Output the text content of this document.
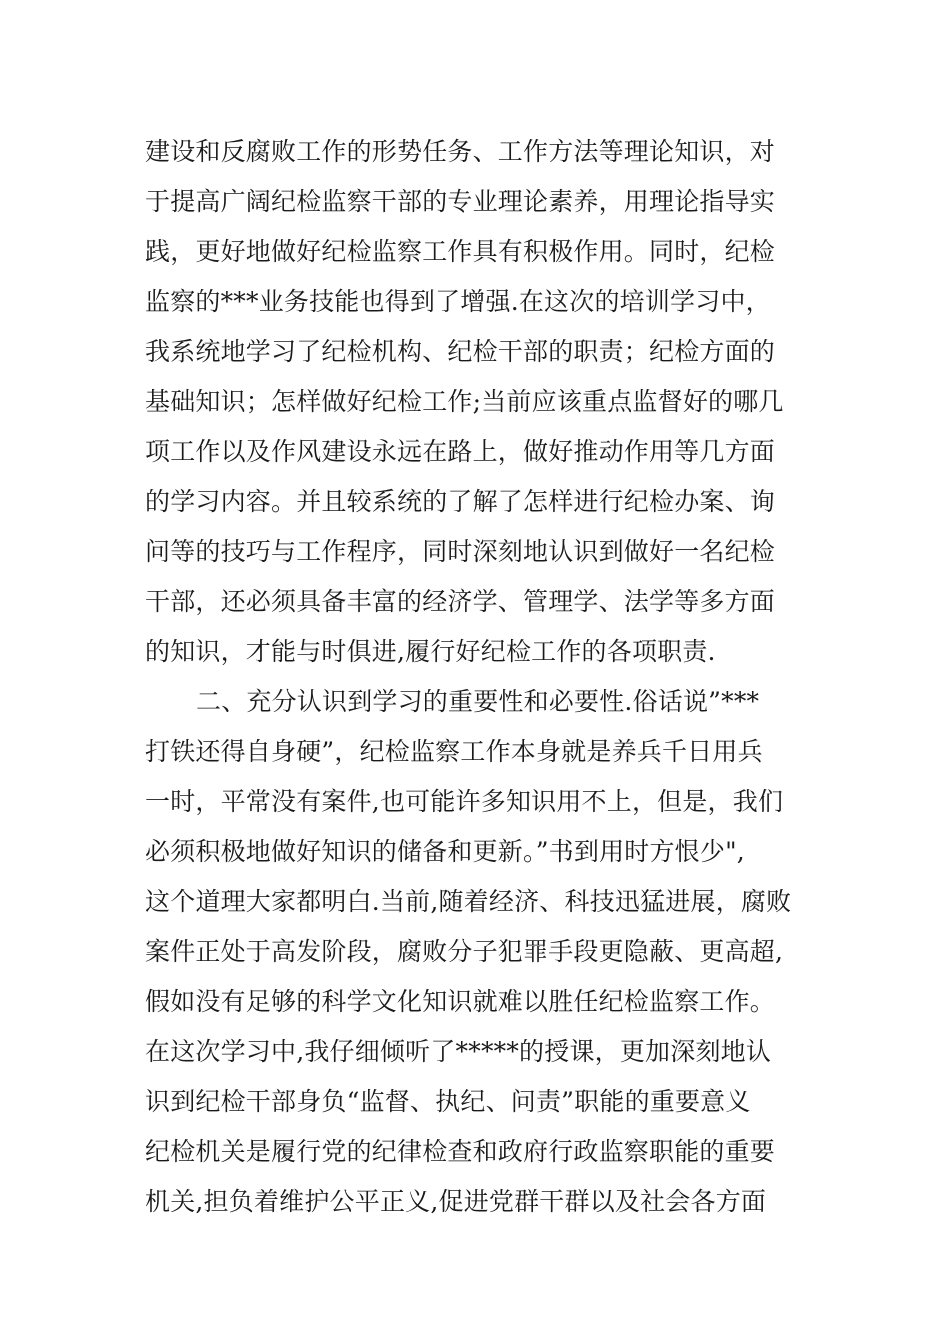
建设和反腐败工作的形势任务、工作方法等理论知识，对
于提高广阔纪检监察干部的专业理论素养，用理论指导实
践，更好地做好纪检监察工作具有积极作用。同时，纪检
监察的***业务技能也得到了增强.在这次的培训学习中，
我系统地学习了纪检机构、纪检干部的职责；纪检方面的
基础知识；怎样做好纪检工作;当前应该重点监督好的哪几
项工作以及作风建设永远在路上，做好推动作用等几方面
的学习内容。并且较系统的了解了怎样进行纪检办案、询
问等的技巧与工作程序，同时深刻地认识到做好一名纪检
干部，还必须具备丰富的经济学、管理学、法学等多方面
的知识，才能与时俱进,履行好纪检工作的各项职责.
二、充分认识到学习的重要性和必要性.俗话说”***
打铁还得自身硬”，纪检监察工作本身就是养兵千日用兵
一时，平常没有案件,也可能许多知识用不上，但是，我们
必须积极地做好知识的储备和更新。”书到用时方恨少",
这个道理大家都明白.当前,随着经济、科技迅猛进展，腐败
案件正处于高发阶段，腐败分子犯罪手段更隐蔽、更高超,
假如没有足够的科学文化知识就难以胜任纪检监察工作。
在这次学习中,我仔细倾听了*****的授课，更加深刻地认
识到纪检干部身负“监督、执纪、问责”职能的重要意义
纪检机关是履行党的纪律检查和政府行政监察职能的重要
机关,担负着维护公平正义,促进党群干群以及社会各方面
